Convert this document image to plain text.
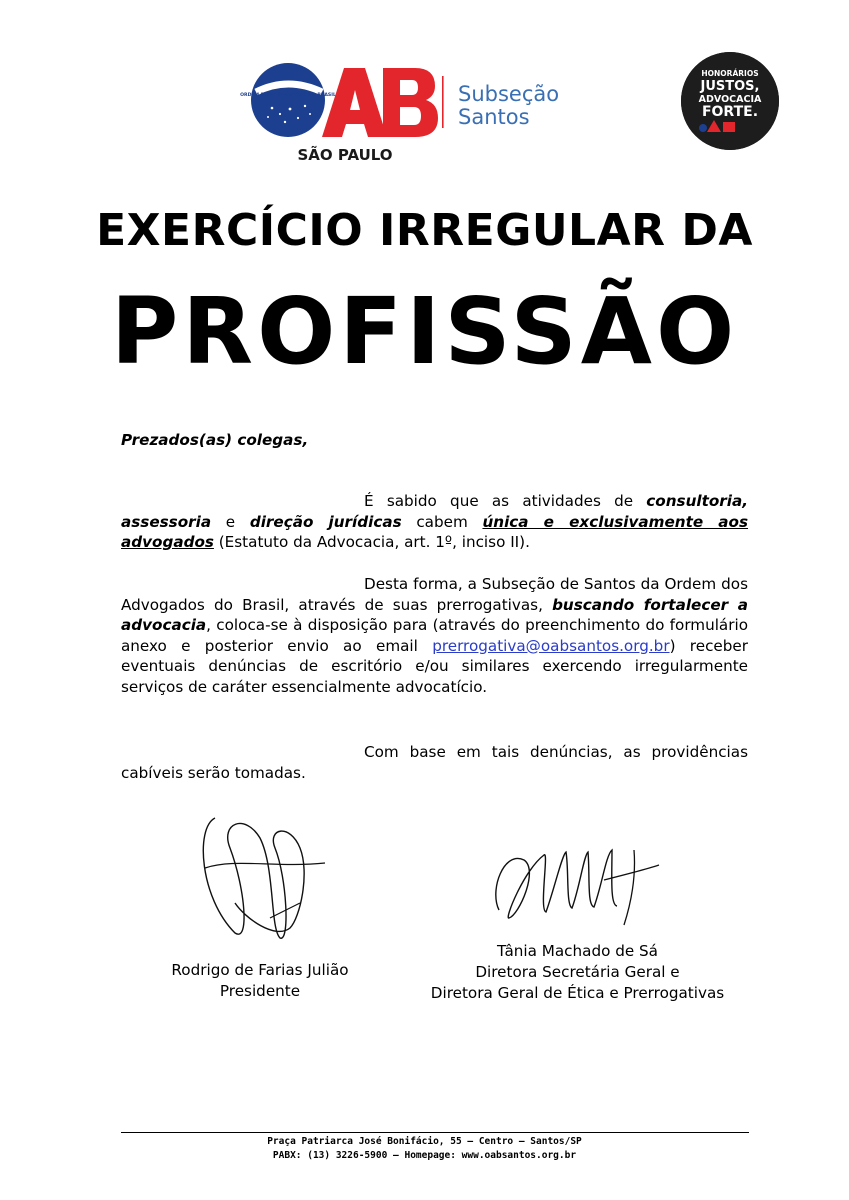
ORDEM DOS ADVOGADOS DO BRASIL
SÃO PAULO
Subseção
Santos
HONORÁRIOS
JUSTOS,
ADVOCACIA
FORTE.
EXERCÍCIO IRREGULAR DA
PROFISSÃO
Prezados(as) colegas,
É sabido que as atividades de consultoria, assessoria e direção jurídicas cabem única e exclusivamente aos advogados (Estatuto da Advocacia, art. 1º, inciso II).
Desta forma, a Subseção de Santos da Ordem dos Advogados do Brasil, através de suas prerrogativas, buscando fortalecer a advocacia, coloca-se à disposição para (através do preenchimento do formulário anexo e posterior envio ao email prerrogativa@oabsantos.org.br) receber eventuais denúncias de escritório e/ou similares exercendo irregularmente serviços de caráter essencialmente advocatício.
Com base em tais denúncias, as providências cabíveis serão tomadas.
Rodrigo de Farias Julião
Presidente
Tânia Machado de Sá
Diretora Secretária Geral e
Diretora Geral de Ética e Prerrogativas
Praça Patriarca José Bonifácio, 55 – Centro – Santos/SP
PABX: (13) 3226-5900 – Homepage: www.oabsantos.org.br
